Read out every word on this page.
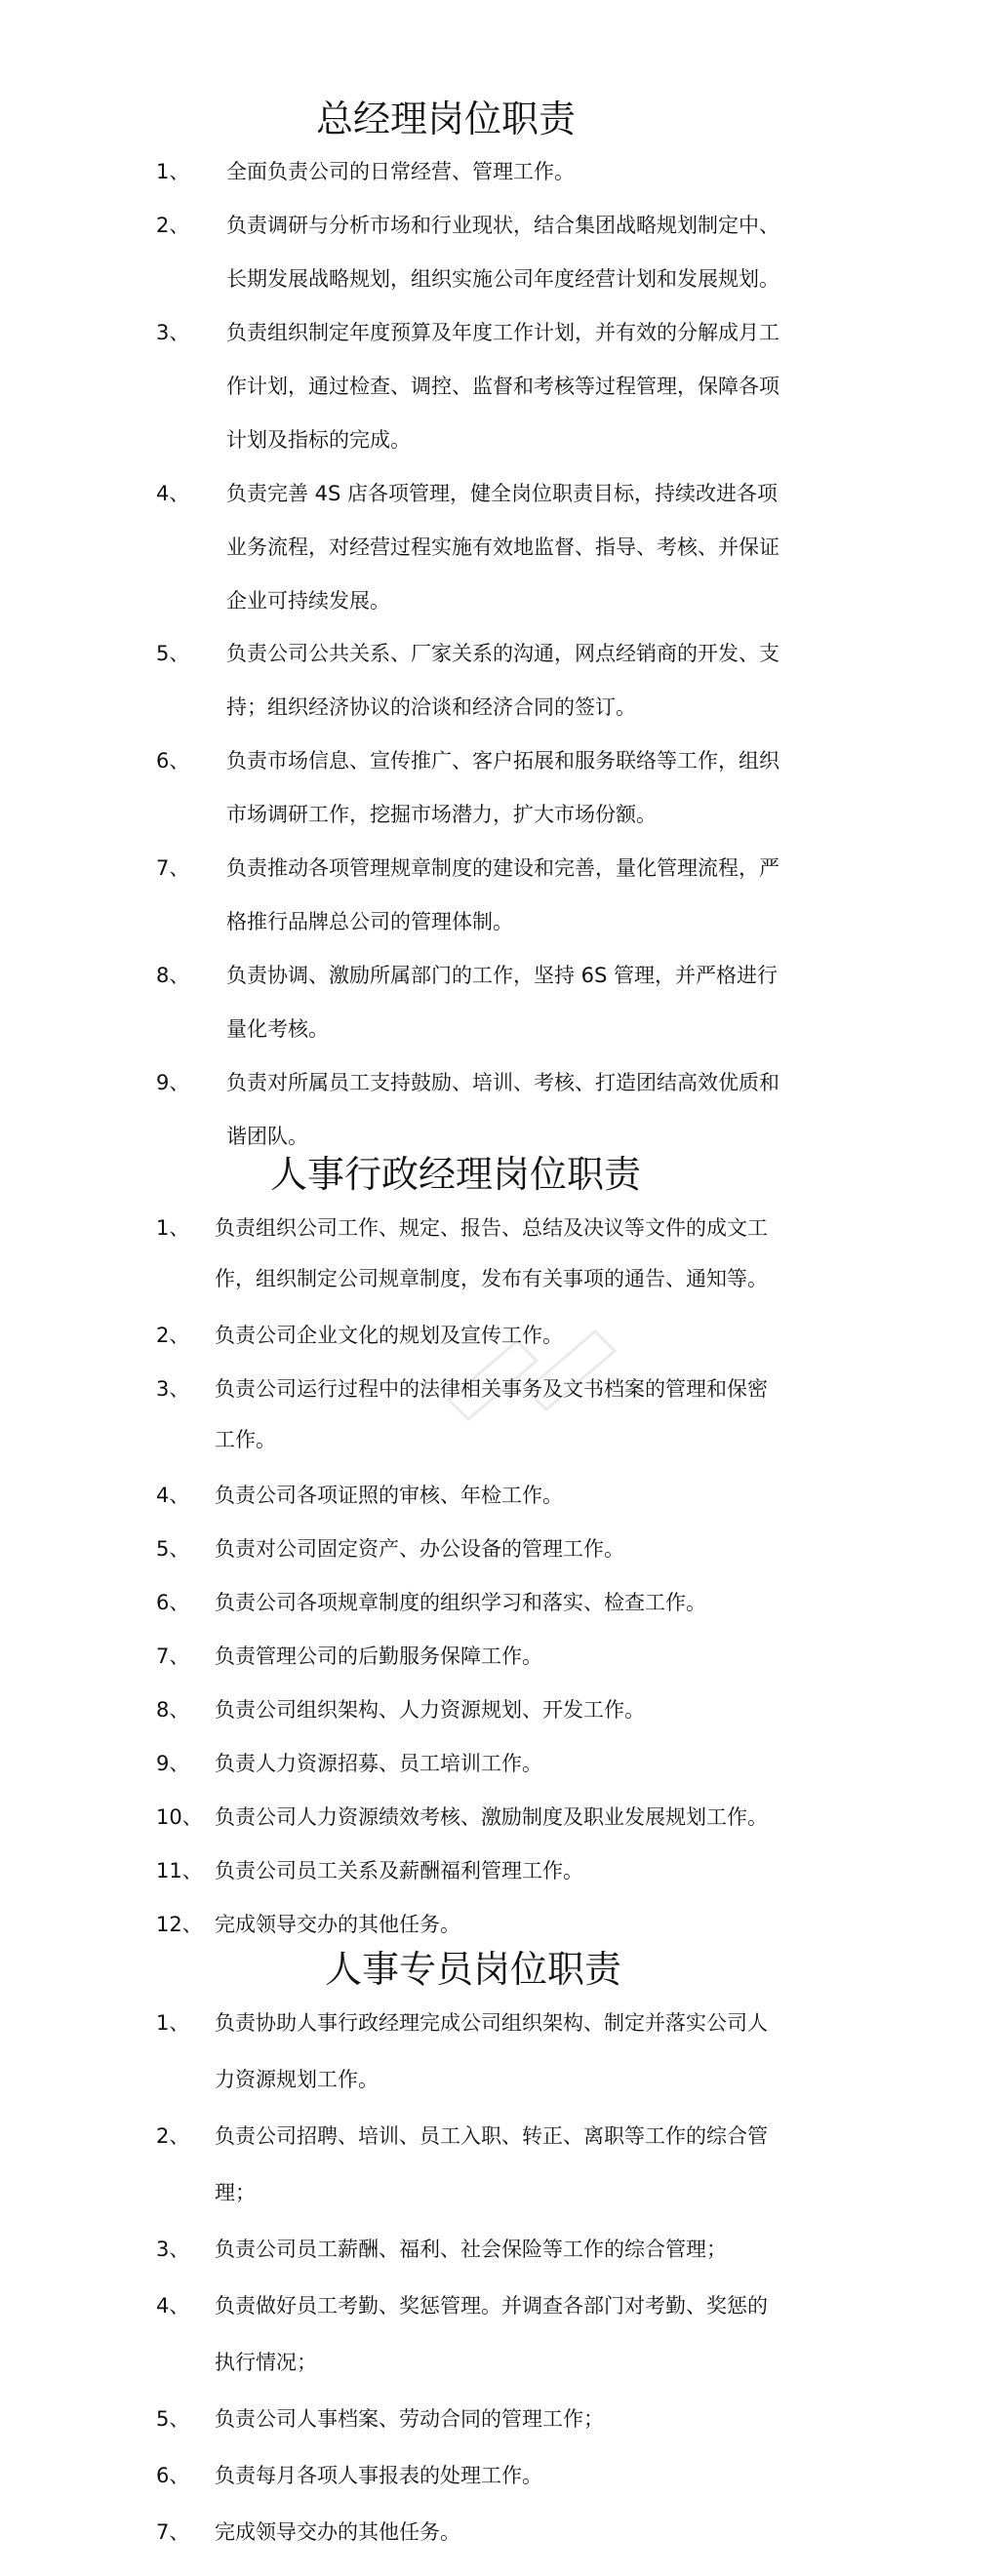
总经理岗位职责
1、	全面负责公司的日常经营、管理工作。
2、	负责调研与分析市场和行业现状，结合集团战略规划制定中、
长期发展战略规划，组织实施公司年度经营计划和发展规划。
3、	负责组织制定年度预算及年度工作计划，并有效的分解成月工
作计划，通过检查、调控、监督和考核等过程管理，保障各项
计划及指标的完成。
4、	负责完善 4S 店各项管理，健全岗位职责目标，持续改进各项
业务流程，对经营过程实施有效地监督、指导、考核、并保证
企业可持续发展。
5、	负责公司公共关系、厂家关系的沟通，网点经销商的开发、支
持；组织经济协议的洽谈和经济合同的签订。
6、	负责市场信息、宣传推广、客户拓展和服务联络等工作，组织
市场调研工作，挖掘市场潜力，扩大市场份额。
7、	负责推动各项管理规章制度的建设和完善，量化管理流程，严
格推行品牌总公司的管理体制。
8、	负责协调、激励所属部门的工作，坚持 6S 管理，并严格进行
量化考核。
9、	负责对所属员工支持鼓励、培训、考核、打造团结高效优质和
谐团队。
人事行政经理岗位职责
1、	负责组织公司工作、规定、报告、总结及决议等文件的成文工
作，组织制定公司规章制度，发布有关事项的通告、通知等。
2、	负责公司企业文化的规划及宣传工作。
3、	负责公司运行过程中的法律相关事务及文书档案的管理和保密
工作。
4、	负责公司各项证照的审核、年检工作。
5、	负责对公司固定资产、办公设备的管理工作。
6、	负责公司各项规章制度的组织学习和落实、检查工作。
7、	负责管理公司的后勤服务保障工作。
8、	负责公司组织架构、人力资源规划、开发工作。
9、	负责人力资源招募、员工培训工作。
10、 负责公司人力资源绩效考核、激励制度及职业发展规划工作。
11、 负责公司员工关系及薪酬福利管理工作。
12、 完成领导交办的其他任务。
人事专员岗位职责
1、	负责协助人事行政经理完成公司组织架构、制定并落实公司人
力资源规划工作。
2、	负责公司招聘、培训、员工入职、转正、离职等工作的综合管
理；
3、	负责公司员工薪酬、福利、社会保险等工作的综合管理；
4、	负责做好员工考勤、奖惩管理。并调查各部门对考勤、奖惩的
执行情况；
5、	负责公司人事档案、劳动合同的管理工作；
6、	负责每月各项人事报表的处理工作。
7、	完成领导交办的其他任务。
